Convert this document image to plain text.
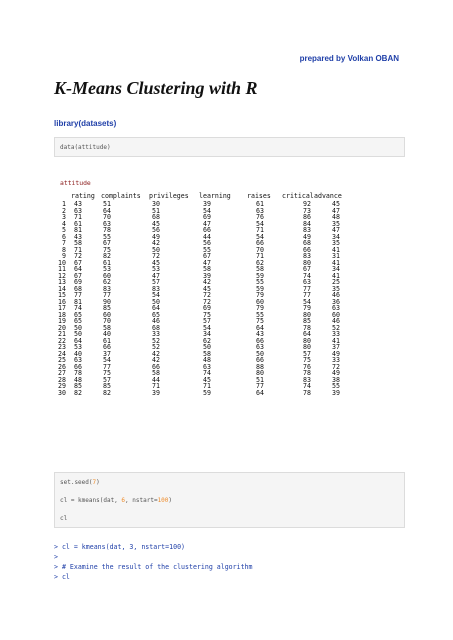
prepared by Volkan OBAN
K-Means Clustering with R
library(datasets)
data(attitude)
attitude
rating complaints privileges learning raises critical advance
1	43	51	30	39	61	92	45
2	63	64	51	54	63	73	47
3	71	70	68	69	76	86	48
4	61	63	45	47	54	84	35
5	81	78	56	66	71	83	47
6	43	55	49	44	54	49	34
7	58	67	42	56	66	68	35
8	71	75	50	55	70	66	41
9	72	82	72	67	71	83	31
10	67	61	45	47	62	80	41
11	64	53	53	58	58	67	34
12	67	60	47	39	59	74	41
13	69	62	57	42	55	63	25
14	68	83	83	45	59	77	35
15	77	77	54	72	79	77	46
16	81	90	50	72	60	54	36
17	74	85	64	69	79	79	63
18	65	60	65	75	55	80	60
19	65	70	46	57	75	85	46
20	50	58	68	54	64	78	52
21	50	40	33	34	43	64	33
22	64	61	52	62	66	80	41
23	53	66	52	50	63	80	37
24	40	37	42	58	50	57	49
25	63	54	42	48	66	75	33
26	66	77	66	63	88	76	72
27	78	75	58	74	80	78	49
28	48	57	44	45	51	83	38
29	85	85	71	71	77	74	55
30	82	82	39	59	64	78	39
set.seed(7)
cl = kmeans(dat, 6, nstart=100)
cl
> cl = kmeans(dat, 3, nstart=100)
>
> # Examine the result of the clustering algorithm
> cl
